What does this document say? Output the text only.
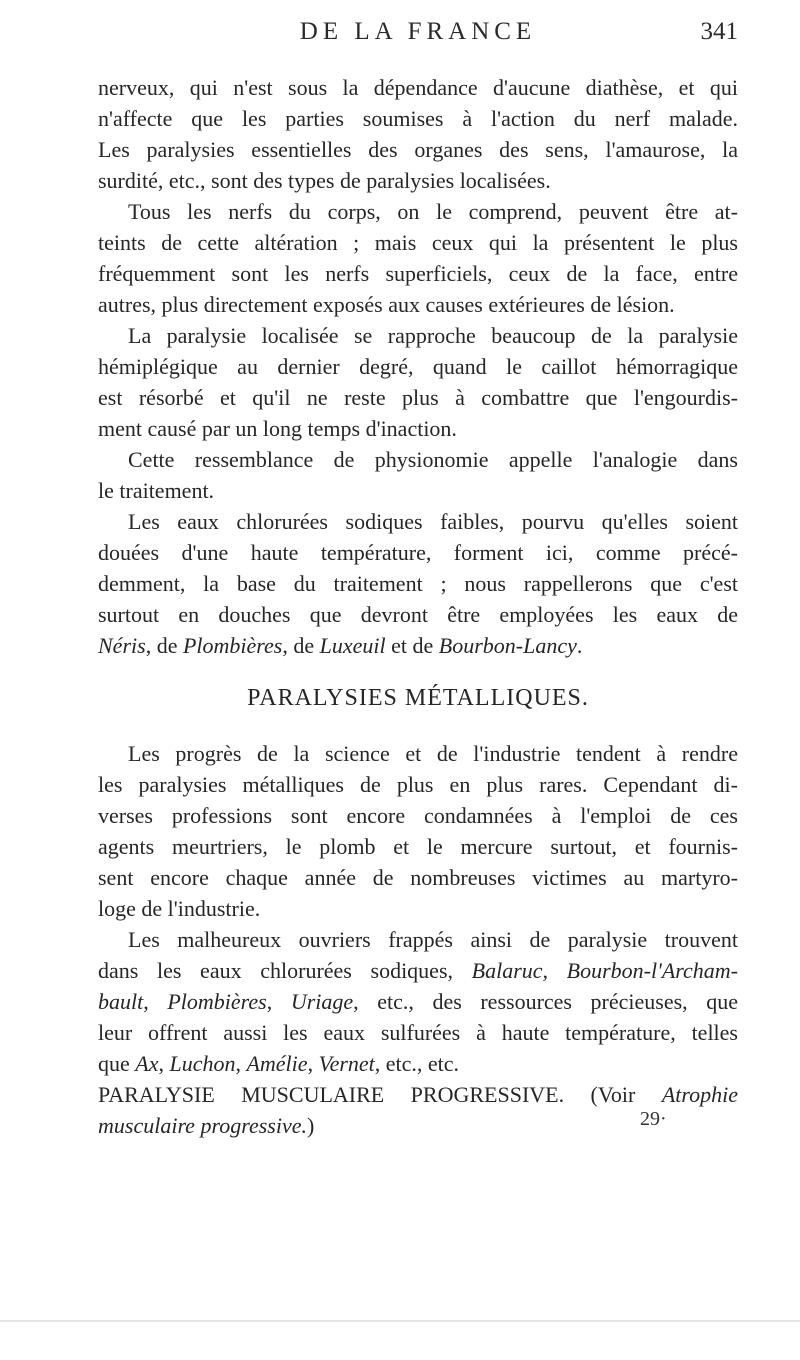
DE LA FRANCE	341
nerveux, qui n'est sous la dépendance d'aucune diathèse, et qui
n'affecte que les parties soumises à l'action du nerf malade.
Les paralysies essentielles des organes des sens, l'amaurose, la
surdité, etc., sont des types de paralysies localisées.
Tous les nerfs du corps, on le comprend, peuvent être at-
teints de cette altération ; mais ceux qui la présentent le plus
fréquemment sont les nerfs superficiels, ceux de la face, entre
autres, plus directement exposés aux causes extérieures de lésion.
La paralysie localisée se rapproche beaucoup de la paralysie
hémiplégique au dernier degré, quand le caillot hémorragique
est résorbé et qu'il ne reste plus à combattre que l'engourdis-
ment causé par un long temps d'inaction.
Cette ressemblance de physionomie appelle l'analogie dans
le traitement.
Les eaux chlorurées sodiques faibles, pourvu qu'elles soient
douées d'une haute température, forment ici, comme précé-
demment, la base du traitement ; nous rappellerons que c'est
surtout en douches que devront être employées les eaux de
Néris, de Plombières, de Luxeuil et de Bourbon-Lancy.
PARALYSIES MÉTALLIQUES.
Les progrès de la science et de l'industrie tendent à rendre
les paralysies métalliques de plus en plus rares. Cependant di-
verses professions sont encore condamnées à l'emploi de ces
agents meurtriers, le plomb et le mercure surtout, et fournis-
sent encore chaque année de nombreuses victimes au martyro-
loge de l'industrie.
Les malheureux ouvriers frappés ainsi de paralysie trouvent
dans les eaux chlorurées sodiques, Balaruc, Bourbon-l'Archam-
bault, Plombières, Uriage, etc., des ressources précieuses, que
leur offrent aussi les eaux sulfurées à haute température, telles
que Ax, Luchon, Amélie, Vernet, etc., etc.
PARALYSIE MUSCULAIRE PROGRESSIVE. (Voir Atrophie
musculaire progressive.)	29·
